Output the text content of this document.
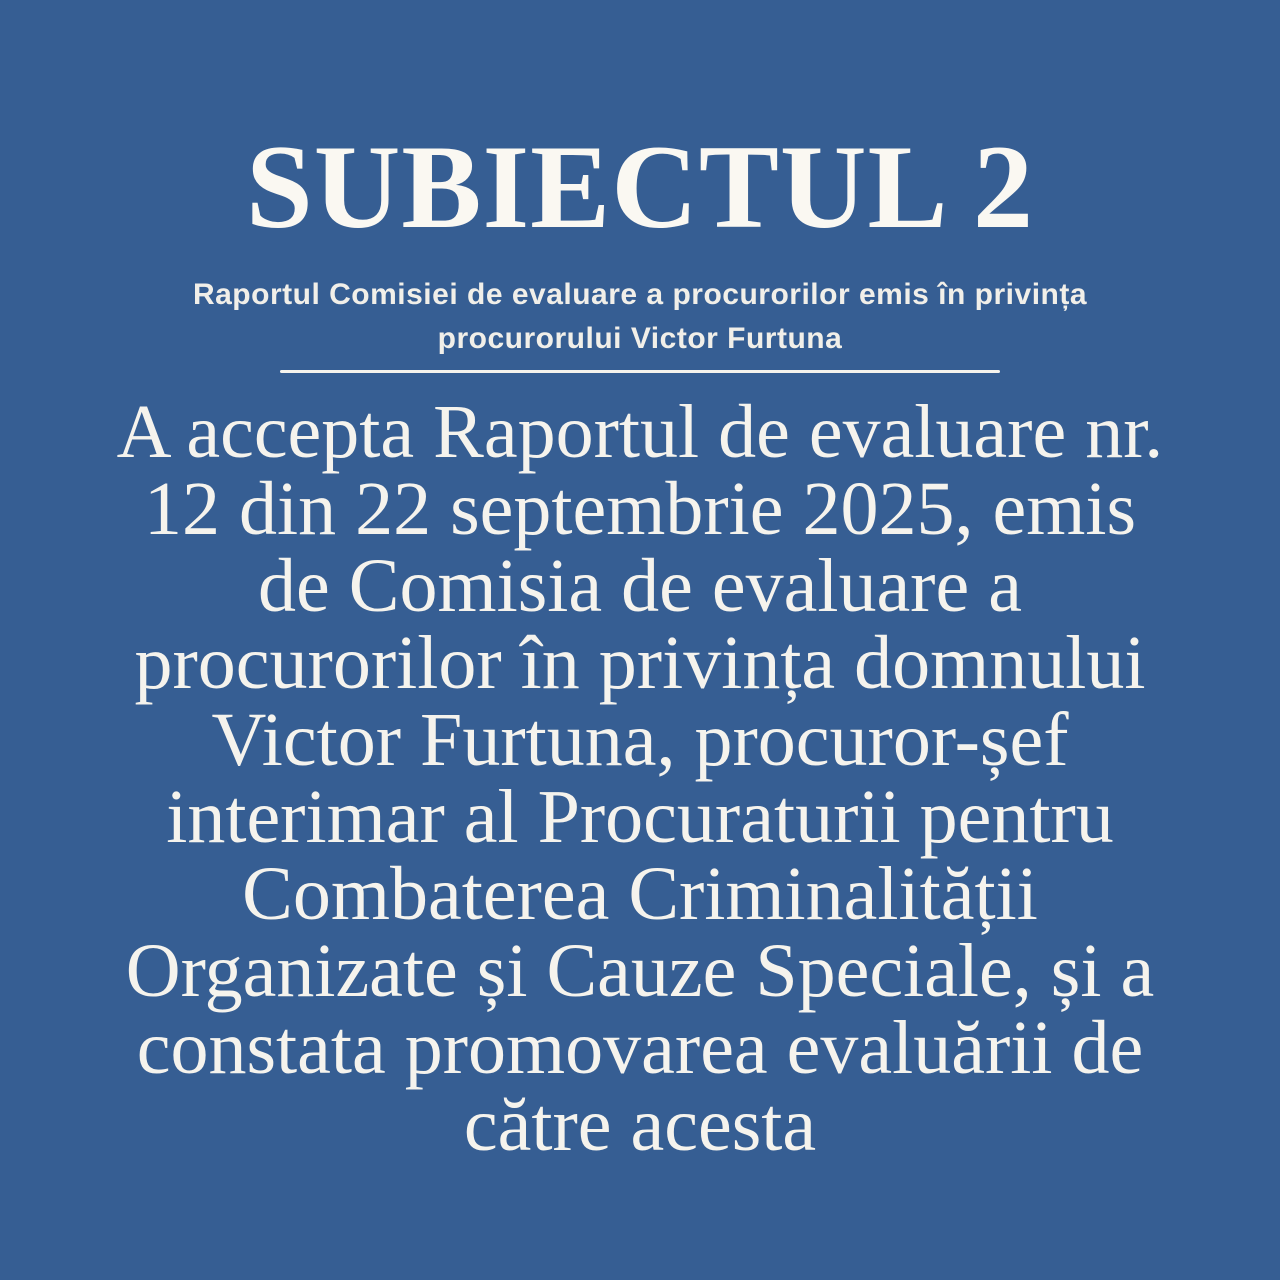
SUBIECTUL 2
Raportul Comisiei de evaluare a procurorilor emis în privința
procurorului Victor Furtuna
A accepta Raportul de evaluare nr.
12 din 22 septembrie 2025, emis
de Comisia de evaluare a
procurorilor în privința domnului
Victor Furtuna, procuror-șef
interimar al Procuraturii pentru
Combaterea Criminalității
Organizate și Cauze Speciale, și a
constata promovarea evaluării de
către acesta
